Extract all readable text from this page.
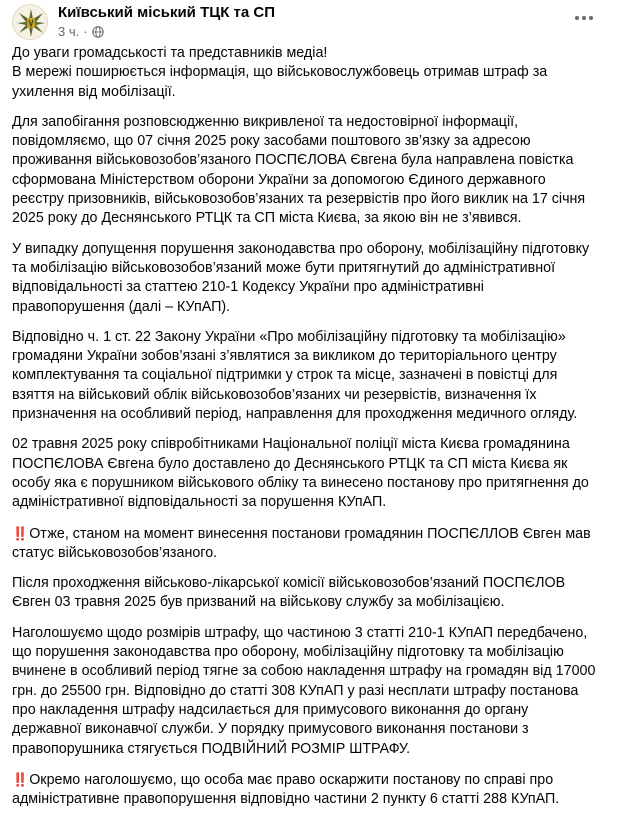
Київський міський ТЦК та СП
3 ч. ·

До уваги громадськості та представників медіа!
В мережі поширюється інформація, що військовослужбовець отримав штраф за ухилення від мобілізації.

Для запобігання розповсюдженню викривленої та недостовірної інформації, повідомляємо, що 07 січня 2025 року засобами поштового зв’язку за адресою проживання військовозобов’язаного ПОСПЄЛОВА Євгена була направлена повістка сформована Міністерством оборони України за допомогою Єдиного державного реєстру призовників, військовозобов’язаних та резервістів про його виклик на 17 січня 2025 року до Деснянського РТЦК та СП міста Києва, за якою він не з’явився.

У випадку допущення порушення законодавства про оборону, мобілізаційну підготовку та мобілізацію військовозобов’язаний може бути притягнутий до адміністративної відповідальності за статтею 210-1 Кодексу України про адміністративні правопорушення (далі – КУпАП).

Відповідно ч. 1 ст. 22 Закону України «Про мобілізаційну підготовку та мобілізацію» громадяни України зобов’язані з’являтися за викликом до територіального центру комплектування та соціальної підтримки у строк та місце, зазначені в повістці для взяття на військовий облік військовозобов’язаних чи резервістів, визначення їх призначення на особливий період, направлення для проходження медичного огляду.

02 травня 2025 року співробітниками Національної поліції міста Києва громадянина ПОСПЄЛОВА Євгена було доставлено до Деснянського РТЦК та СП міста Києва як особу яка є порушником військового обліку та винесено постанову про притягнення до адміністративної відповідальності за порушення КУпАП.

‼️ Отже, станом на момент винесення постанови громадянин ПОСПЄЛЛОВ Євген мав статус військовозобов’язаного.

Після проходження військово-лікарської комісії військовозобов’язаний ПОСПЄЛОВ Євген 03 травня 2025 був призваний на військову службу за мобілізацією.

Наголошуємо щодо розмірів штрафу, що частиною 3 статті 210-1 КУпАП передбачено, що порушення законодавства про оборону, мобілізаційну підготовку та мобілізацію вчинене в особливий період тягне за собою накладення штрафу на громадян від 17000 грн. до 25500 грн. Відповідно до статті 308 КУпАП у разі несплати штрафу постанова про накладення штрафу надсилається для примусового виконання до органу державної виконавчої служби. У порядку примусового виконання постанови з правопорушника стягується ПОДВІЙНИЙ РОЗМІР ШТРАФУ.

‼️ Окремо наголошуємо, що особа має право оскаржити постанову по справі про адміністративне правопорушення відповідно частини 2 пункту 6 статті 288 КУпАП.
